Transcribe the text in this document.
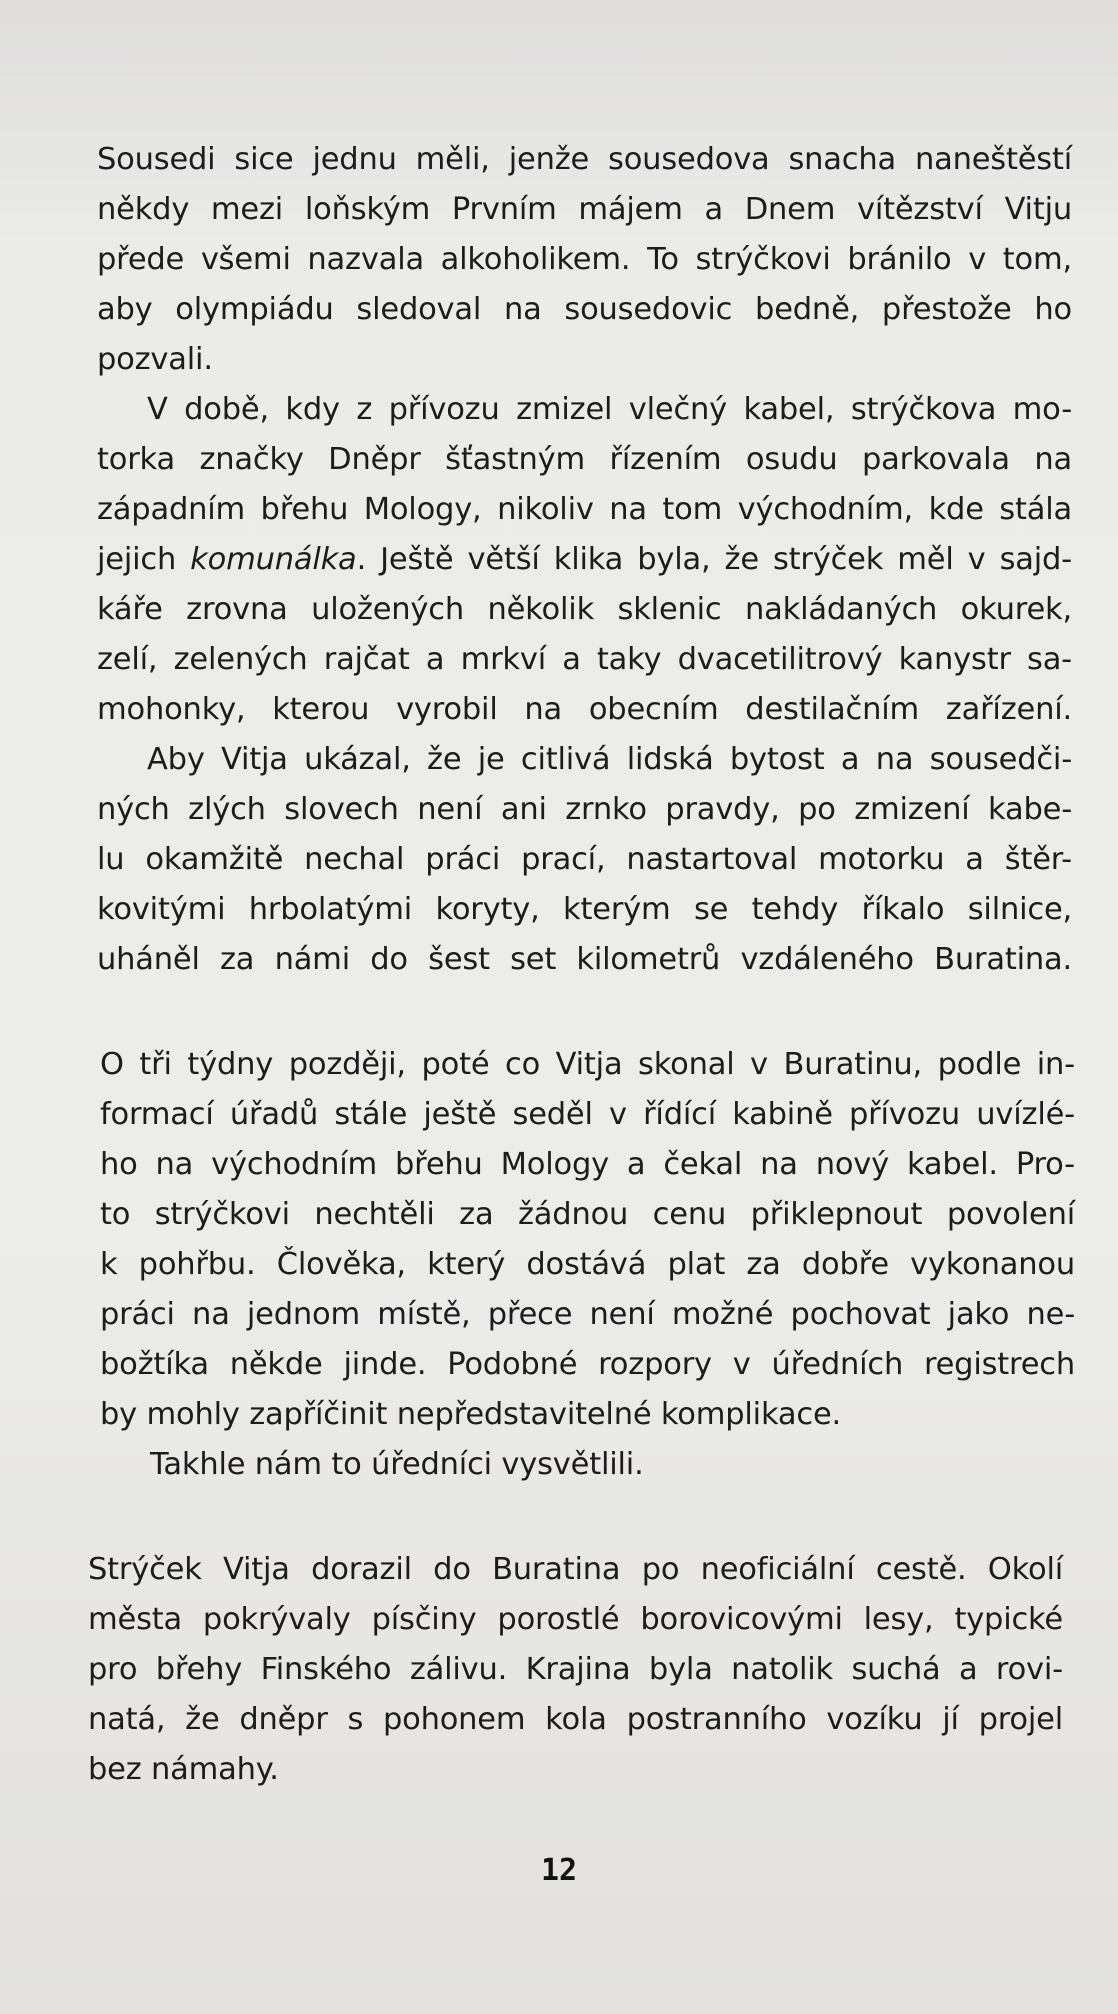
Sousedi sice jednu měli, jenže sousedova snacha naneštěstí
někdy mezi loňským Prvním májem a Dnem vítězství Vitju
přede všemi nazvala alkoholikem. To strýčkovi bránilo v tom,
aby olympiádu sledoval na sousedovic bedně, přestože ho
pozvali.
V době, kdy z přívozu zmizel vlečný kabel, strýčkova mo-
torka značky Dněpr šťastným řízením osudu parkovala na
západním břehu Mology, nikoliv na tom východním, kde stála
jejich komunálka. Ještě větší klika byla, že strýček měl v sajd-
káře zrovna uložených několik sklenic nakládaných okurek,
zelí, zelených rajčat a mrkví a taky dvacetilitrový kanystr sa-
mohonky, kterou vyrobil na obecním destilačním zařízení.
Aby Vitja ukázal, že je citlivá lidská bytost a na sousedči-
ných zlých slovech není ani zrnko pravdy, po zmizení kabe-
lu okamžitě nechal práci prací, nastartoval motorku a štěr-
kovitými hrbolatými koryty, kterým se tehdy říkalo silnice,
uháněl za námi do šest set kilometrů vzdáleného Buratina.
O tři týdny později, poté co Vitja skonal v Buratinu, podle in-
formací úřadů stále ještě seděl v řídící kabině přívozu uvízlé-
ho na východním břehu Mology a čekal na nový kabel. Pro-
to strýčkovi nechtěli za žádnou cenu přiklepnout povolení
k pohřbu. Člověka, který dostává plat za dobře vykonanou
práci na jednom místě, přece není možné pochovat jako ne-
božtíka někde jinde. Podobné rozpory v úředních registrech
by mohly zapříčinit nepředstavitelné komplikace.
Takhle nám to úředníci vysvětlili.
Strýček Vitja dorazil do Buratina po neoficiální cestě. Okolí
města pokrývaly písčiny porostlé borovicovými lesy, typické
pro břehy Finského zálivu. Krajina byla natolik suchá a rovi-
natá, že dněpr s pohonem kola postranního vozíku jí projel
bez námahy.
12
